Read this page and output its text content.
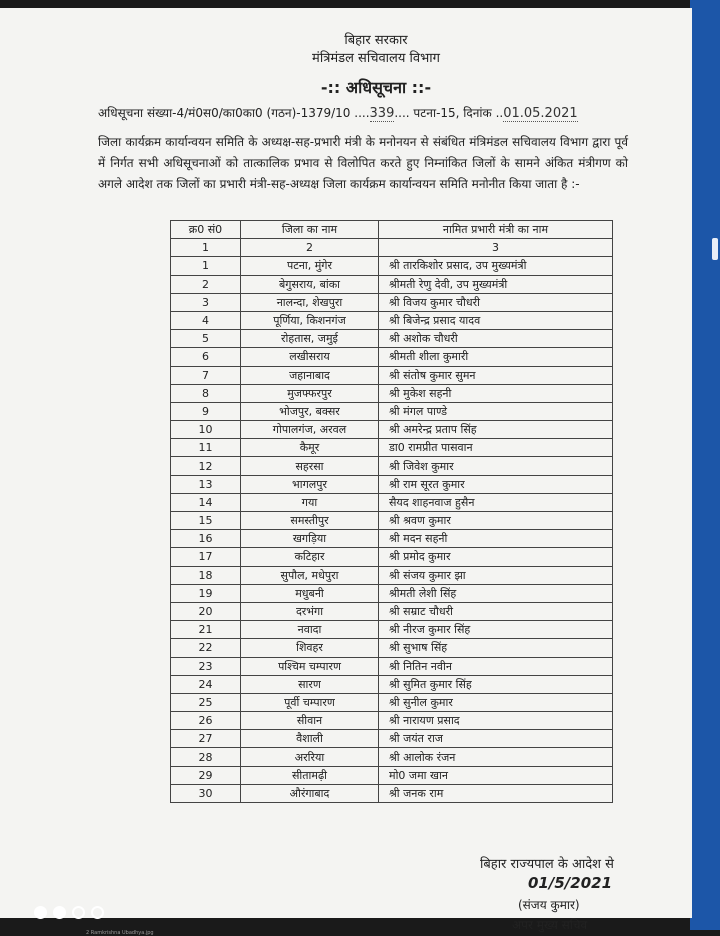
बिहार सरकार
मंत्रिमंडल सचिवालय विभाग
-:: अधिसूचना ::-
अधिसूचना संख्या-4/मं0स0/का0का0 (गठन)-1379/10 ....339.... पटना-15, दिनांक ..01.05.2021
जिला कार्यक्रम कार्यान्वयन समिति के अध्यक्ष-सह-प्रभारी मंत्री के मनोनयन से संबंधित मंत्रिमंडल सचिवालय विभाग द्वारा पूर्व में निर्गत सभी अधिसूचनाओं को तात्कालिक प्रभाव से विलोपित करते हुए निम्नांकित जिलों के सामने अंकित मंत्रीगण को अगले आदेश तक जिलों का प्रभारी मंत्री-सह-अध्यक्ष जिला कार्यक्रम कार्यान्वयन समिति मनोनीत किया जाता है :-
क्र0 सं0	जिला का नाम	नामित प्रभारी मंत्री का नाम
1	2	3
1	पटना, मुंगेर	श्री तारकिशोर प्रसाद, उप मुख्यमंत्री
2	बेगुसराय, बांका	श्रीमती रेणु देवी, उप मुख्यमंत्री
3	नालन्दा, शेखपुरा	श्री विजय कुमार चौधरी
4	पूर्णिया, किशनगंज	श्री बिजेन्द्र प्रसाद यादव
5	रोहतास, जमुई	श्री अशोक चौधरी
6	लखीसराय	श्रीमती शीला कुमारी
7	जहानाबाद	श्री संतोष कुमार सुमन
8	मुजफ्फरपुर	श्री मुकेश सहनी
9	भोजपुर, बक्सर	श्री मंगल पाण्डे
10	गोपालगंज, अरवल	श्री अमरेन्द्र प्रताप सिंह
11	कैमूर	डा0 रामप्रीत पासवान
12	सहरसा	श्री जिवेश कुमार
13	भागलपुर	श्री राम सूरत कुमार
14	गया	सैयद शाहनवाज हुसैन
15	समस्तीपुर	श्री श्रवण कुमार
16	खगड़िया	श्री मदन सहनी
17	कटिहार	श्री प्रमोद कुमार
18	सुपौल, मधेपुरा	श्री संजय कुमार झा
19	मधुबनी	श्रीमती लेशी सिंह
20	दरभंगा	श्री सम्राट चौधरी
21	नवादा	श्री नीरज कुमार सिंह
22	शिवहर	श्री सुभाष सिंह
23	पश्चिम चम्पारण	श्री नितिन नवीन
24	सारण	श्री सुमित कुमार सिंह
25	पूर्वी चम्पारण	श्री सुनील कुमार
26	सीवान	श्री नारायण प्रसाद
27	वैशाली	श्री जयंत राज
28	अररिया	श्री आलोक रंजन
29	सीतामढ़ी	मो0 जमा खान
30	औरंगाबाद	श्री जनक राम
बिहार राज्यपाल के आदेश से
01/5/2021
(संजय कुमार)
अपर मुख्य सचिव
2 Ramkrishna Ubadhya.jpg
